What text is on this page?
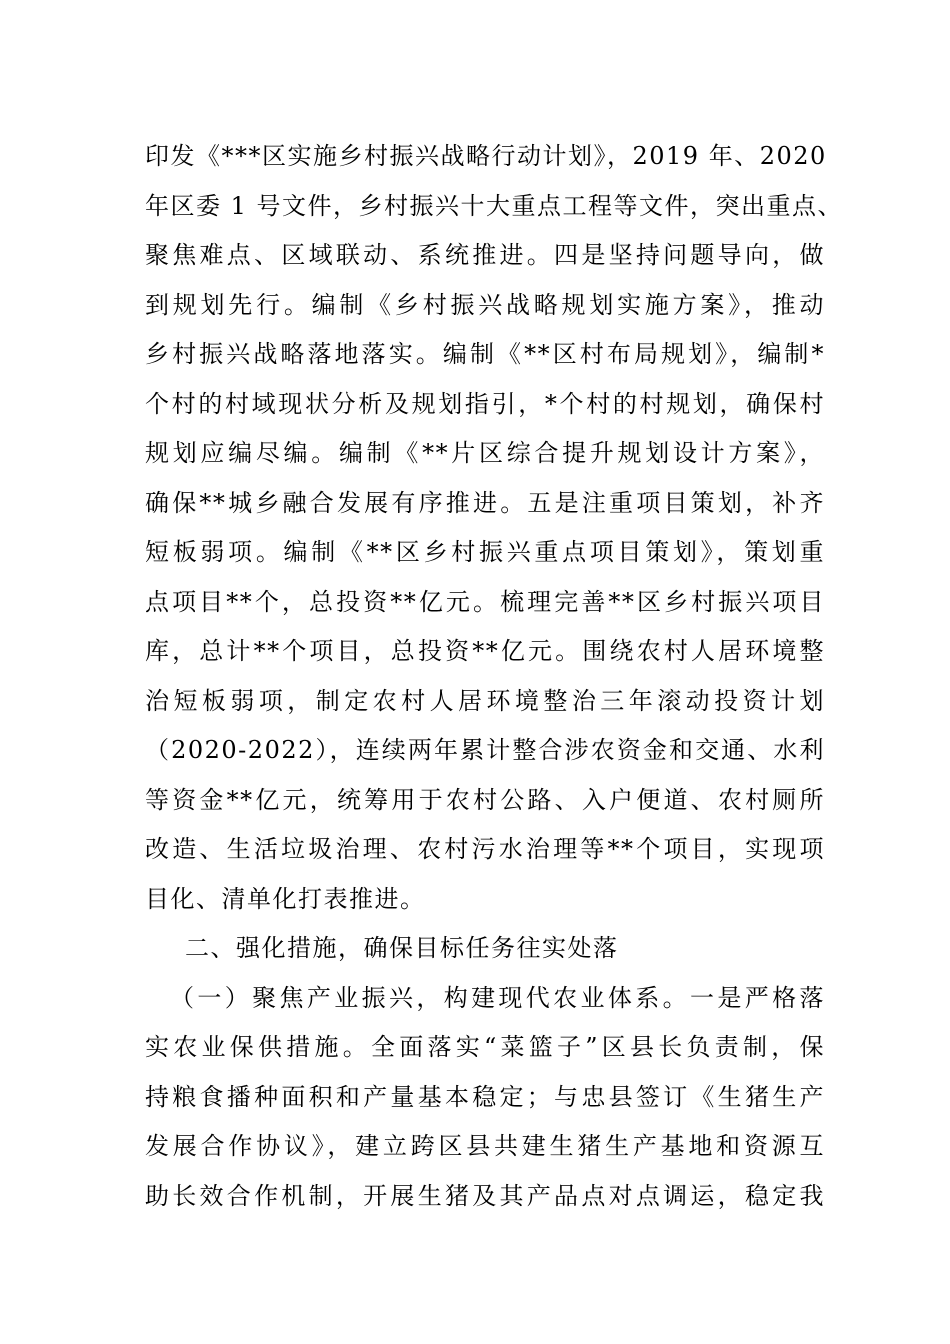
印发《***区实施乡村振兴战略行动计划》，2019 年、2020
年区委 1 号文件，乡村振兴十大重点工程等文件，突出重点、
聚焦难点、区域联动、系统推进。四是坚持问题导向，做
到规划先行。编制《乡村振兴战略规划实施方案》，推动
乡村振兴战略落地落实。编制《**区村布局规划》，编制*
个村的村域现状分析及规划指引，*个村的村规划，确保村
规划应编尽编。编制《**片区综合提升规划设计方案》，
确保**城乡融合发展有序推进。五是注重项目策划，补齐
短板弱项。编制《**区乡村振兴重点项目策划》，策划重
点项目**个，总投资**亿元。梳理完善**区乡村振兴项目
库，总计**个项目，总投资**亿元。围绕农村人居环境整
治短板弱项，制定农村人居环境整治三年滚动投资计划
（2020-2022），连续两年累计整合涉农资金和交通、水利
等资金**亿元，统筹用于农村公路、入户便道、农村厕所
改造、生活垃圾治理、农村污水治理等**个项目，实现项
目化、清单化打表推进。
二、强化措施，确保目标任务往实处落
（一）聚焦产业振兴，构建现代农业体系。一是严格落
实农业保供措施。全面落实“菜篮子”区县长负责制，保
持粮食播种面积和产量基本稳定；与忠县签订《生猪生产
发展合作协议》，建立跨区县共建生猪生产基地和资源互
助长效合作机制，开展生猪及其产品点对点调运，稳定我
